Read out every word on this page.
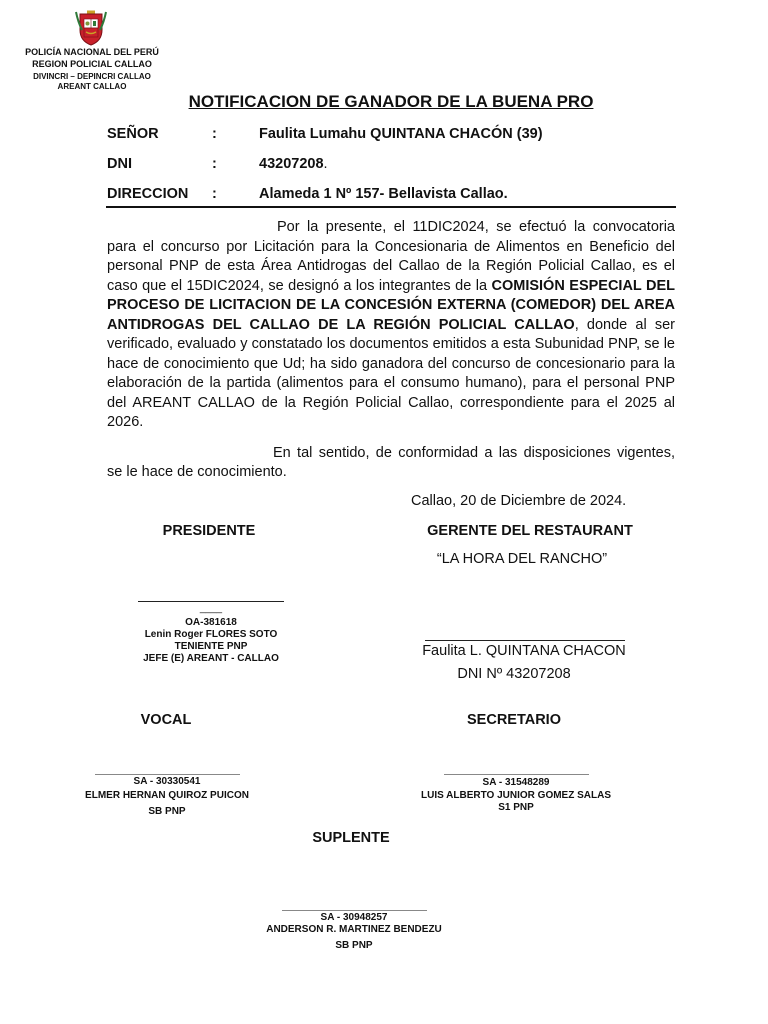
POLICÍA NACIONAL DEL PERÚ
REGION POLICIAL CALLAO
DIVINCRI – DEPINCRI CALLAO
AREANT CALLAO
NOTIFICACION DE GANADOR DE LA BUENA PRO
SEÑOR	:	Faulita Lumahu QUINTANA CHACÓN (39)
DNI	:	43207208.
DIRECCION :	Alameda 1 Nº 157- Bellavista Callao.
Por la presente, el 11DIC2024, se efectuó la convocatoria para el concurso por Licitación para la Concesionaria de Alimentos en Beneficio del personal PNP de esta Área Antidrogas del Callao de la Región Policial Callao, es el caso que el 15DIC2024, se designó a los integrantes de la COMISIÓN ESPECIAL DEL PROCESO DE LICITACION DE LA CONCESIÓN EXTERNA (COMEDOR) DEL AREA ANTIDROGAS DEL CALLAO DE LA REGIÓN POLICIAL CALLAO, donde al ser verificado, evaluado y constatado los documentos emitidos a esta Subunidad PNP, se le hace de conocimiento que Ud; ha sido ganadora del concurso de concesionario para la elaboración de la partida (alimentos para el consumo humano), para el personal PNP del AREANT CALLAO de la Región Policial Callao, correspondiente para el 2025 al 2026.
En tal sentido, de conformidad a las disposiciones vigentes, se le hace de conocimiento.
Callao, 20 de Diciembre de 2024.
PRESIDENTE
____
OA-381618
Lenin Roger FLORES SOTO
TENIENTE PNP
JEFE (E) AREANT - CALLAO
GERENTE DEL RESTAURANT
“LA HORA DEL RANCHO”
Faulita L. QUINTANA CHACON
DNI Nº 43207208
VOCAL
SA - 30330541
ELMER HERNAN QUIROZ PUICON
SB PNP
SECRETARIO
SA - 31548289
LUIS ALBERTO JUNIOR GOMEZ SALAS
S1 PNP
SUPLENTE
SA - 30948257
ANDERSON R. MARTINEZ BENDEZU
SB PNP
